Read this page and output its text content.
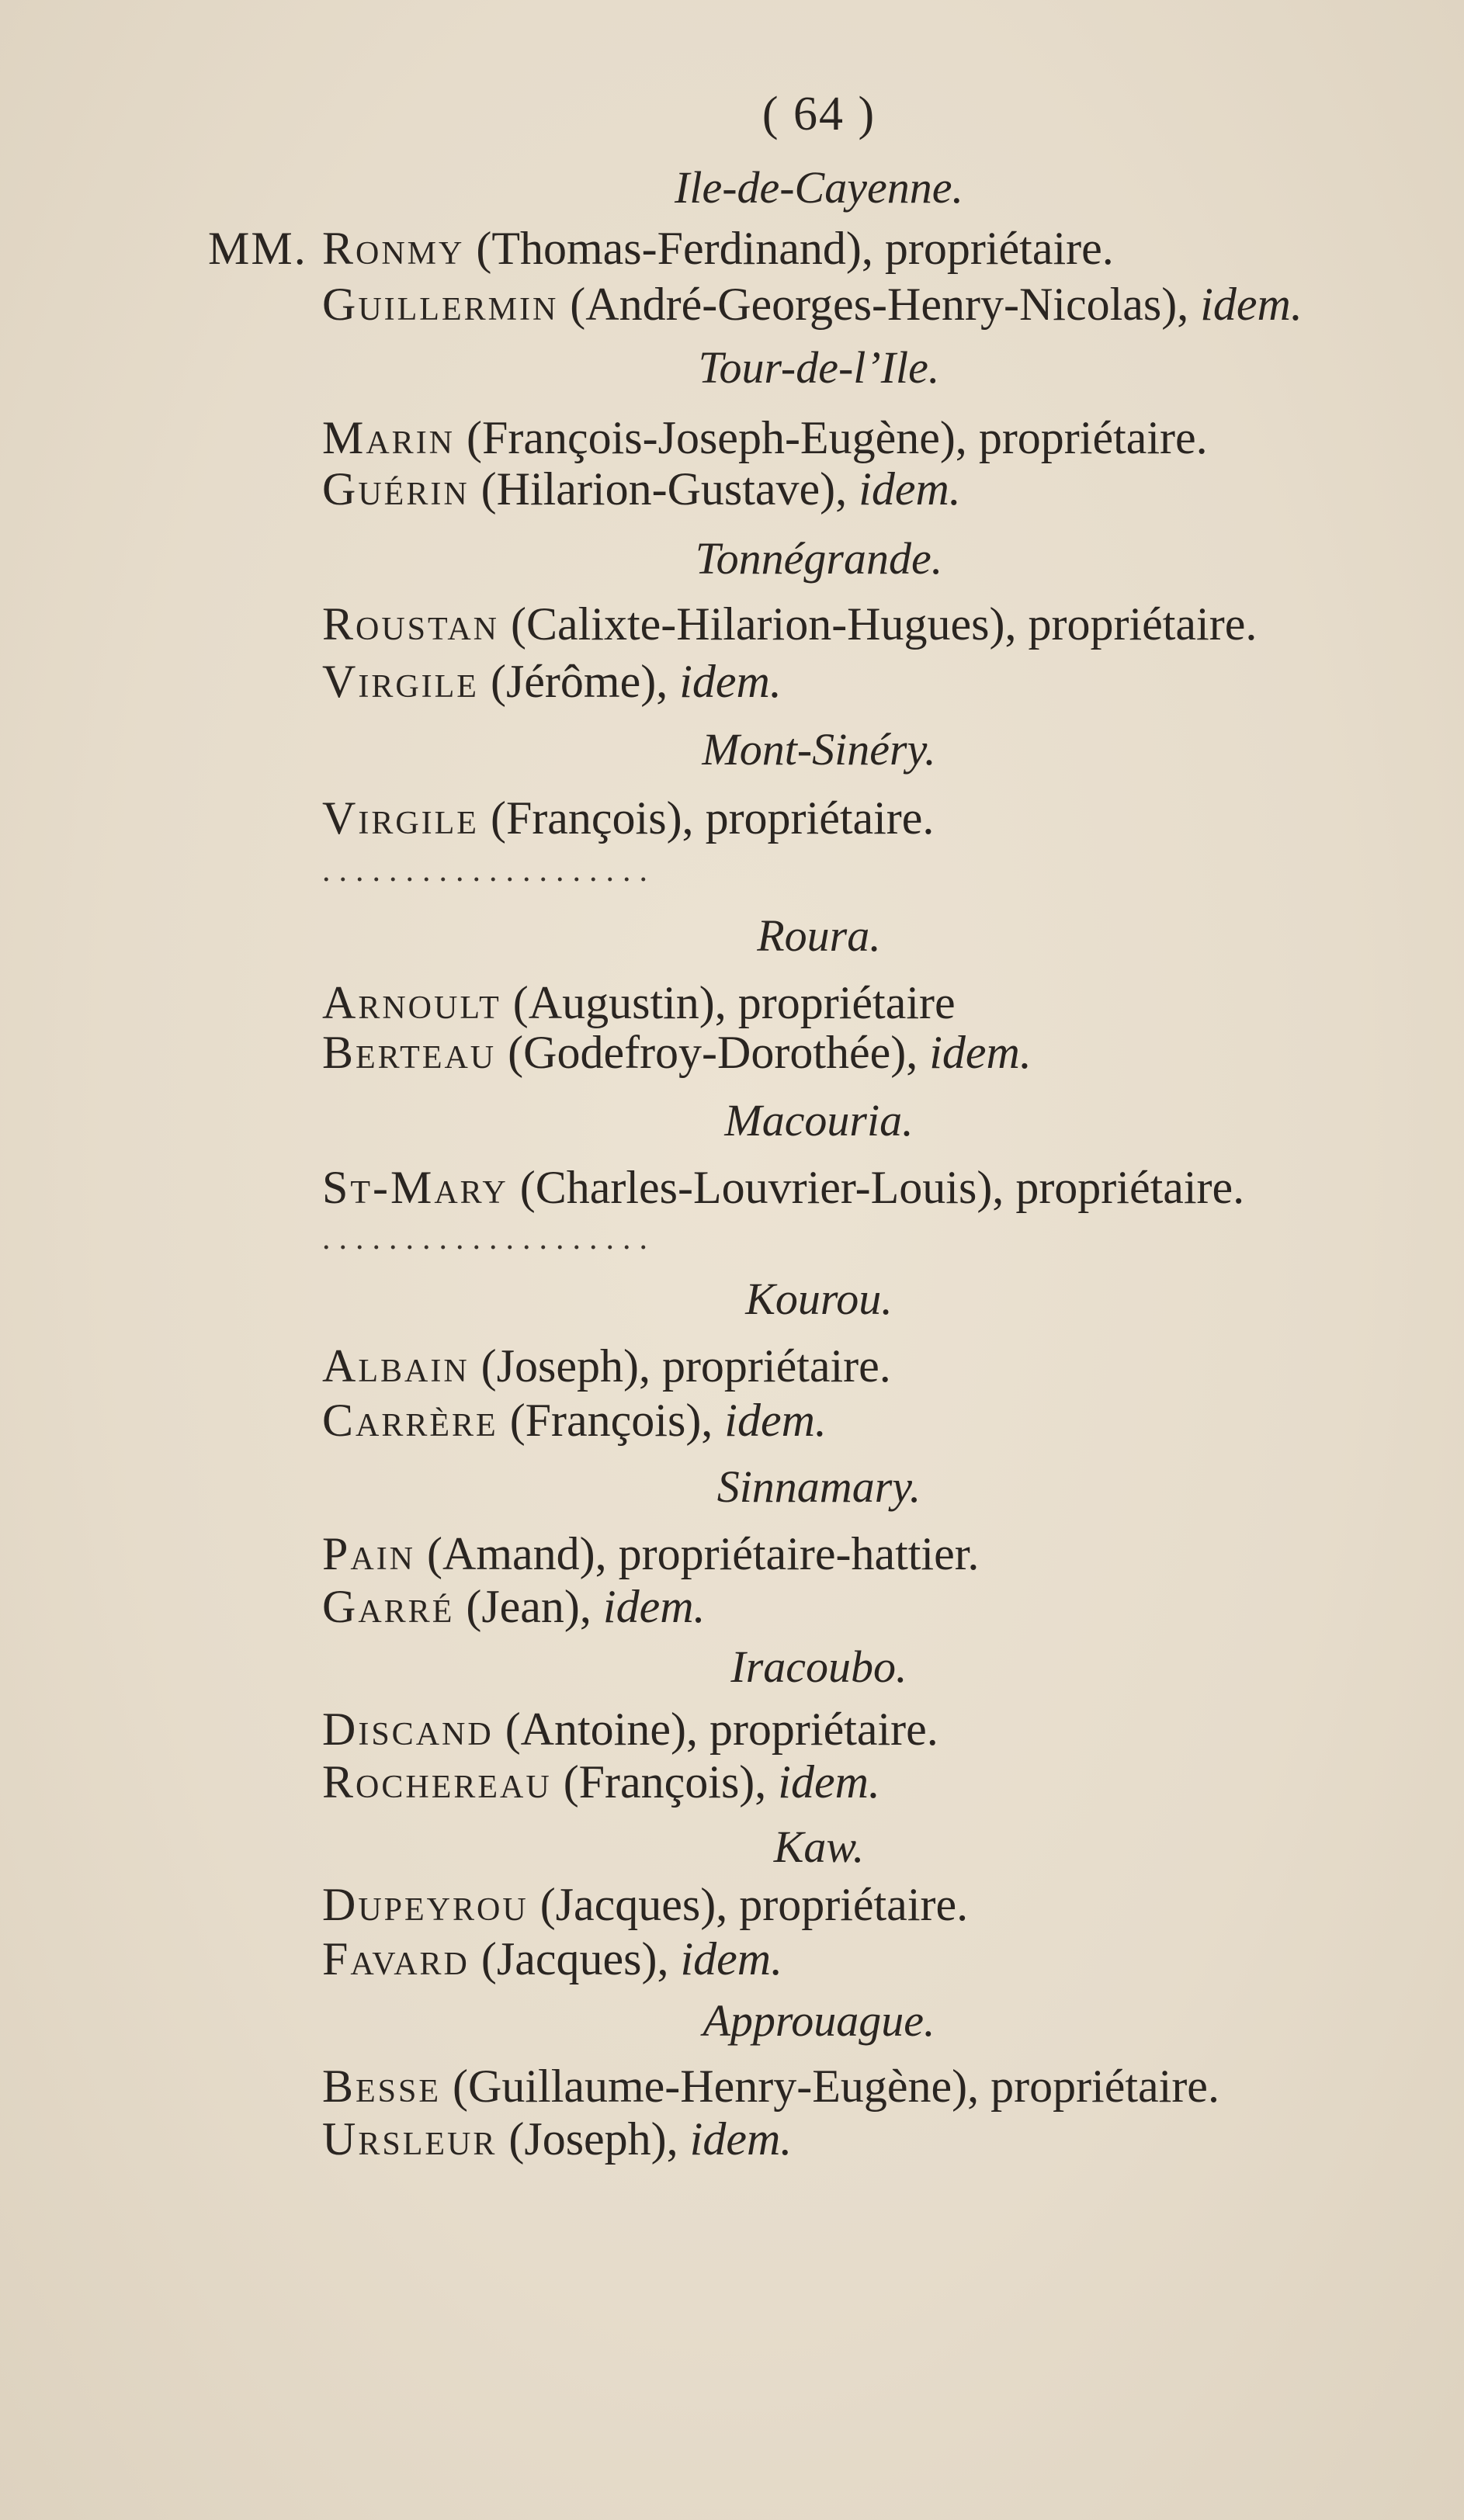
( 64 )
Ile-de-Cayenne.
MM. Ronmy (Thomas-Ferdinand), propriétaire.
Guillermin (André-Georges-Henry-Nicolas), idem.
Tour-de-l’Ile.
Marin (François-Joseph-Eugène), propriétaire.
Guérin (Hilarion-Gustave), idem.
Tonnégrande.
Roustan (Calixte-Hilarion-Hugues), propriétaire.
Virgile (Jérôme), idem.
Mont-Sinéry.
Virgile (François), propriétaire.
....................
Roura.
Arnoult (Augustin), propriétaire
Berteau (Godefroy-Dorothée), idem.
Macouria.
St-Mary (Charles-Louvrier-Louis), propriétaire.
....................
Kourou.
Albain (Joseph), propriétaire.
Carrère (François), idem.
Sinnamary.
Pain (Amand), propriétaire-hattier.
Garré (Jean), idem.
Iracoubo.
Discand (Antoine), propriétaire.
Rochereau (François), idem.
Kaw.
Dupeyrou (Jacques), propriétaire.
Favard (Jacques), idem.
Approuague.
Besse (Guillaume-Henry-Eugène), propriétaire.
Ursleur (Joseph), idem.
